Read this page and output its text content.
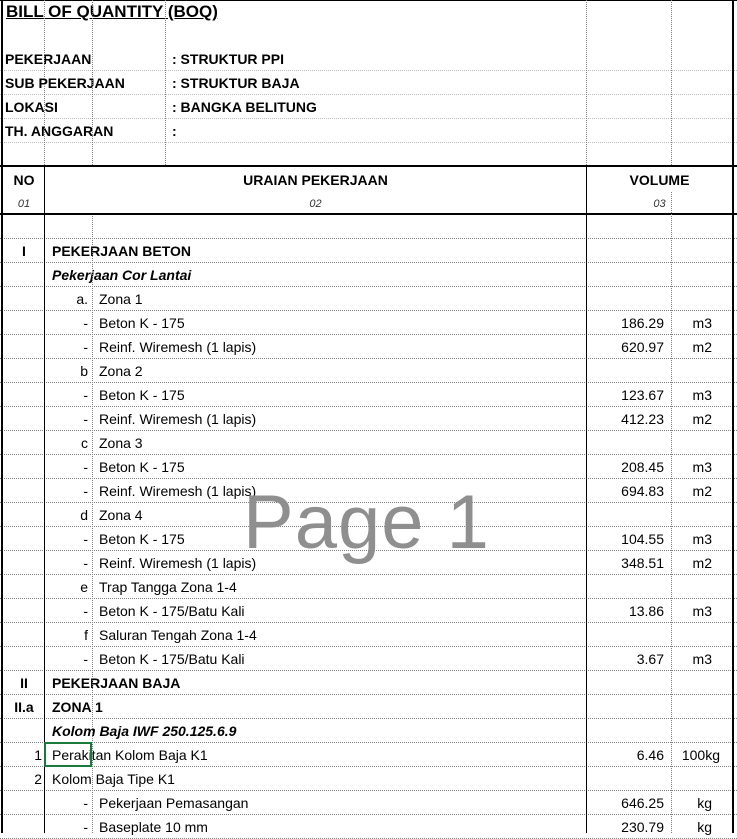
BILL OF QUANTITY (BOQ)
PEKERJAAN	: STRUKTUR PPI
SUB PEKERJAAN	: STRUKTUR BAJA
LOKASI	: BANGKA BELITUNG
TH. ANGGARAN	:
NO	URAIAN PEKERJAAN	VOLUME
01	02	03
I	PEKERJAAN BETON
Pekerjaan Cor Lantai
a. Zona 1
- Beton K - 175	186.29	m3
- Reinf. Wiremesh (1 lapis)	620.97	m2
b Zona 2
- Beton K - 175	123.67	m3
- Reinf. Wiremesh (1 lapis)	412.23	m2
c Zona 3
- Beton K - 175	208.45	m3
- Reinf. Wiremesh (1 lapis)	694.83	m2
d Zona 4
- Beton K - 175	104.55	m3
- Reinf. Wiremesh (1 lapis)	348.51	m2
e Trap Tangga Zona 1-4
- Beton K - 175/Batu Kali	13.86	m3
f Saluran Tengah Zona 1-4
- Beton K - 175/Batu Kali	3.67	m3
II	PEKERJAAN BAJA
II.a	ZONA 1
Kolom Baja IWF 250.125.6.9
1 Perakitan Kolom Baja K1	6.46	100kg
2 Kolom Baja Tipe K1
- Pekerjaan Pemasangan	646.25	kg
- Baseplate 10 mm	230.79	kg
Page 1
